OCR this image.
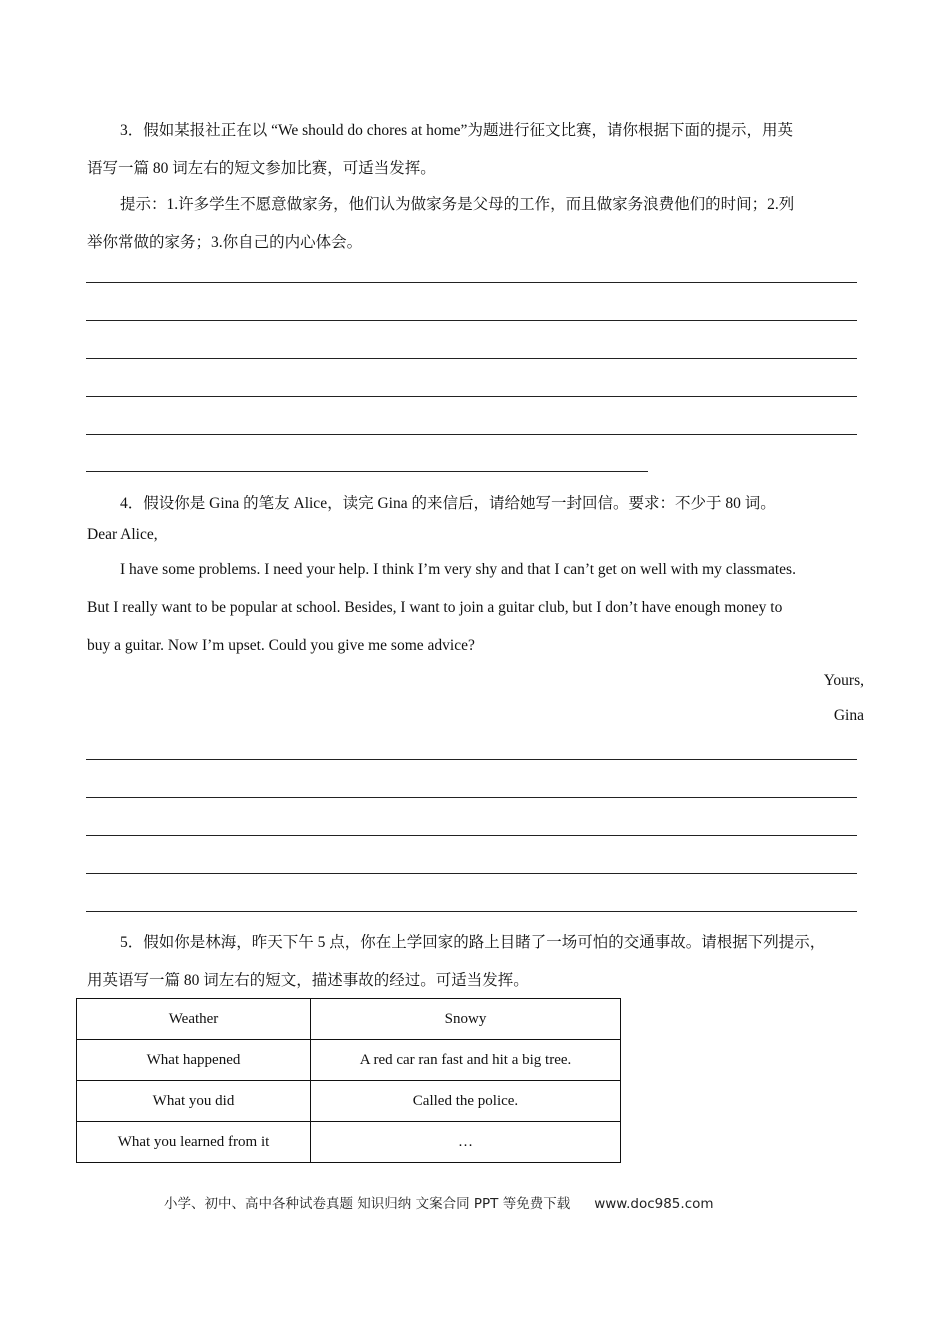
3．假如某报社正在以 “We should do chores at home”为题进行征文比赛，请你根据下面的提示，用英
语写一篇 80 词左右的短文参加比赛，可适当发挥。
提示：1.许多学生不愿意做家务，他们认为做家务是父母的工作，而且做家务浪费他们的时间；2.列
举你常做的家务；3.你自己的内心体会。
4．假设你是 Gina 的笔友 Alice，读完 Gina 的来信后，请给她写一封回信。要求：不少于 80 词。
Dear Alice,
I have some problems. I need your help. I think I’m very shy and that I can’t get on well with my classmates.
But I really want to be popular at school. Besides, I want to join a guitar club, but I don’t have enough money to
buy a guitar. Now I’m upset. Could you give me some advice?
Yours,
Gina
5．假如你是林海，昨天下午 5 点，你在上学回家的路上目睹了一场可怕的交通事故。请根据下列提示，
用英语写一篇 80 词左右的短文，描述事故的经过。可适当发挥。
Weather	Snowy
What happened	A red car ran fast and hit a big tree.
What you did	Called the police.
What you learned from it	…
小学、初中、高中各种试卷真题 知识归纳 文案合同 PPT 等免费下载 www.doc985.com
